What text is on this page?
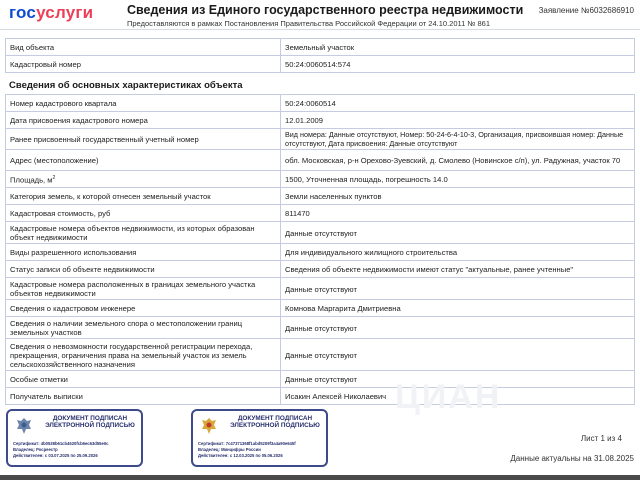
госуслуги	Сведения из Единого государственного реестра недвижимости
Предоставляются в рамках Постановления Правительства Российской Федерации от 24.10.2011 № 861
Заявление №6032686910
Вид объекта	Земельный участок
Кадастровый номер	50:24:0060514:574
Сведения об основных характеристиках объекта
Номер кадастрового квартала	50:24:0060514
Дата присвоения кадастрового номера	12.01.2009
Ранее присвоенный государственный учетный номер	Вид номера: Данные отсутствуют, Номер: 50-24-6-4-10-3, Организация, присвоившая номер: Данные отсутствуют, Дата присвоения: Данные отсутствуют
Адрес (местоположение)	обл. Московская, р-н Орехово-Зуевский, д. Смолево (Новинское с/п), ул. Радужная, участок 70
Площадь, $м^2$	1500, Уточненная площадь, погрешность 14.0
Категория земель, к которой отнесен земельный участок	Земли населенных пунктов
Кадастровая стоимость, руб	811470
Кадастровые номера объектов недвижимости, из которых образован объект недвижимости	Данные отсутствуют
Виды разрешенного использования	Для индивидуального жилищного строительства
Статус записи об объекте недвижимости	Сведения об объекте недвижимости имеют статус "актуальные, ранее учтенные"
Кадастровые номера расположенных в границах земельного участка объектов недвижимости	Данные отсутствуют
Сведения о кадастровом инженере	Комнова Маргарита Дмитриевна
Сведения о наличии земельного спора о местоположении границ земельных участков	Данные отсутствуют
Сведения о невозможности государственной регистрации перехода, прекращения, ограничения права на земельный участок из земель сельскохозяйственного назначения	Данные отсутствуют
Особые отметки	Данные отсутствуют
Получатель выписки	Исакин Алексей Николаевич ЦИАН
ДОКУМЕНТ ПОДПИСАН ЭЛЕКТРОННОЙ ПОДПИСЬЮ
Сертификат: 4b0538b61cb4620fcb6ec63d55e0c
Владелец: Росреестр
Действителен: с 03.07.2025 по 25.09.2026
ДОКУМЕНТ ПОДПИСАН ЭЛЕКТРОННОЙ ПОДПИСЬЮ
Сертификат: 7c47371368f1abd5209f3a4a90e645f
Владелец: Минцифры России
Действителен: с 12.03.2025 по 05.06.2026
Лист 1 из 4
Данные актуальны на 31.08.2025
